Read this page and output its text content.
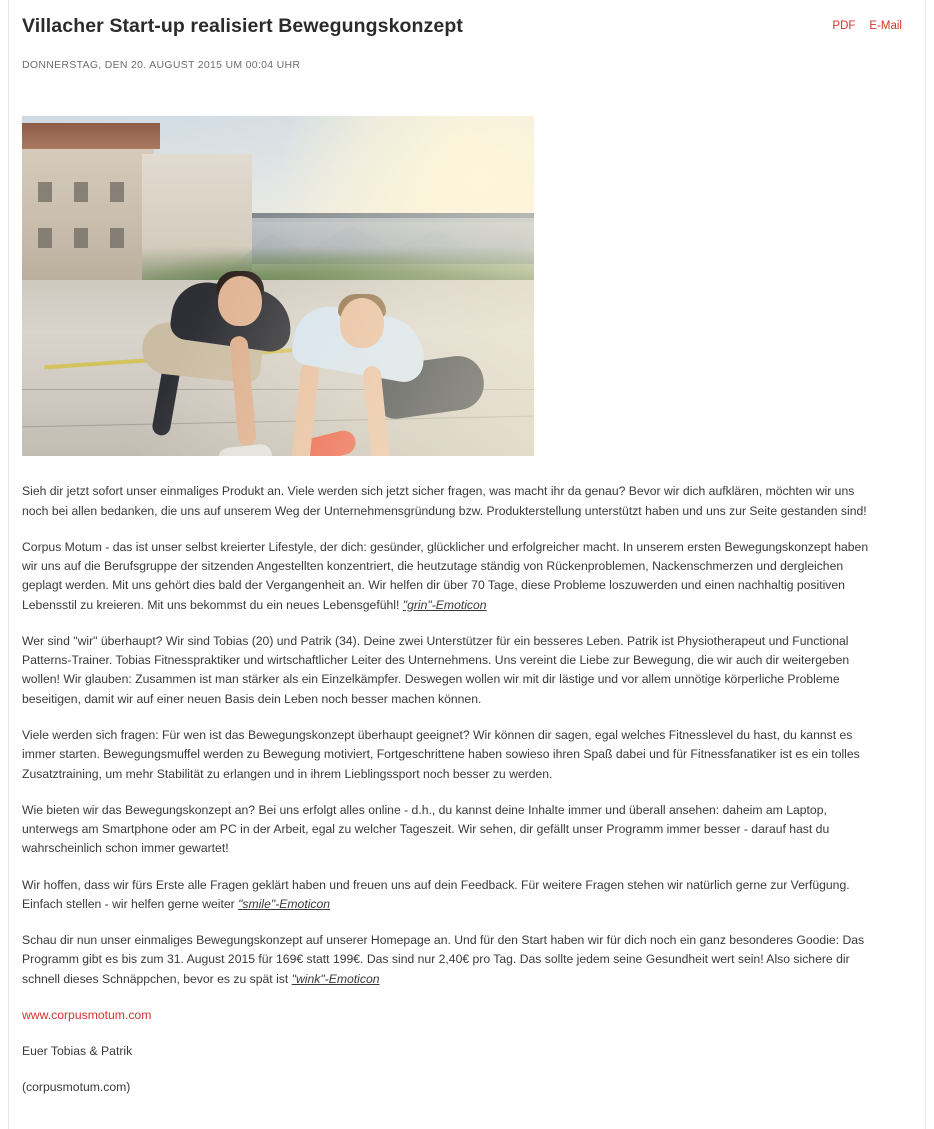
Villacher Start-up realisiert Bewegungskonzept	PDF E-Mail
DONNERSTAG, DEN 20. AUGUST 2015 UM 00:04 UHR

Sieh dir jetzt sofort unser einmaliges Produkt an. Viele werden sich jetzt sicher fragen, was macht ihr da genau? Bevor wir dich aufklären, möchten wir uns noch bei allen bedanken, die uns auf unserem Weg der Unternehmensgründung bzw. Produkterstellung unterstützt haben und uns zur Seite gestanden sind!

Corpus Motum - das ist unser selbst kreierter Lifestyle, der dich: gesünder, glücklicher und erfolgreicher macht. In unserem ersten Bewegungskonzept haben wir uns auf die Berufsgruppe der sitzenden Angestellten konzentriert, die heutzutage ständig von Rückenproblemen, Nackenschmerzen und dergleichen geplagt werden. Mit uns gehört dies bald der Vergangenheit an. Wir helfen dir über 70 Tage, diese Probleme loszuwerden und einen nachhaltig positiven Lebensstil zu kreieren. Mit uns bekommst du ein neues Lebensgefühl! "grin"-Emoticon

Wer sind "wir" überhaupt? Wir sind Tobias (20) und Patrik (34). Deine zwei Unterstützer für ein besseres Leben. Patrik ist Physiotherapeut und Functional Patterns-Trainer. Tobias Fitnesspraktiker und wirtschaftlicher Leiter des Unternehmens. Uns vereint die Liebe zur Bewegung, die wir auch dir weitergeben wollen! Wir glauben: Zusammen ist man stärker als ein Einzelkämpfer. Deswegen wollen wir mit dir lästige und vor allem unnötige körperliche Probleme beseitigen, damit wir auf einer neuen Basis dein Leben noch besser machen können.

Viele werden sich fragen: Für wen ist das Bewegungskonzept überhaupt geeignet? Wir können dir sagen, egal welches Fitnesslevel du hast, du kannst es immer starten. Bewegungsmuffel werden zu Bewegung motiviert, Fortgeschrittene haben sowieso ihren Spaß dabei und für Fitnessfanatiker ist es ein tolles Zusatztraining, um mehr Stabilität zu erlangen und in ihrem Lieblingssport noch besser zu werden.

Wie bieten wir das Bewegungskonzept an? Bei uns erfolgt alles online - d.h., du kannst deine Inhalte immer und überall ansehen: daheim am Laptop, unterwegs am Smartphone oder am PC in der Arbeit, egal zu welcher Tageszeit. Wir sehen, dir gefällt unser Programm immer besser - darauf hast du wahrscheinlich schon immer gewartet!

Wir hoffen, dass wir fürs Erste alle Fragen geklärt haben und freuen uns auf dein Feedback. Für weitere Fragen stehen wir natürlich gerne zur Verfügung. Einfach stellen - wir helfen gerne weiter "smile"-Emoticon

Schau dir nun unser einmaliges Bewegungskonzept auf unserer Homepage an. Und für den Start haben wir für dich noch ein ganz besonderes Goodie: Das Programm gibt es bis zum 31. August 2015 für 169€ statt 199€. Das sind nur 2,40€ pro Tag. Das sollte jedem seine Gesundheit wert sein! Also sichere dir schnell dieses Schnäppchen, bevor es zu spät ist "wink"-Emoticon

www.corpusmotum.com

Euer Tobias & Patrik

(corpusmotum.com)
